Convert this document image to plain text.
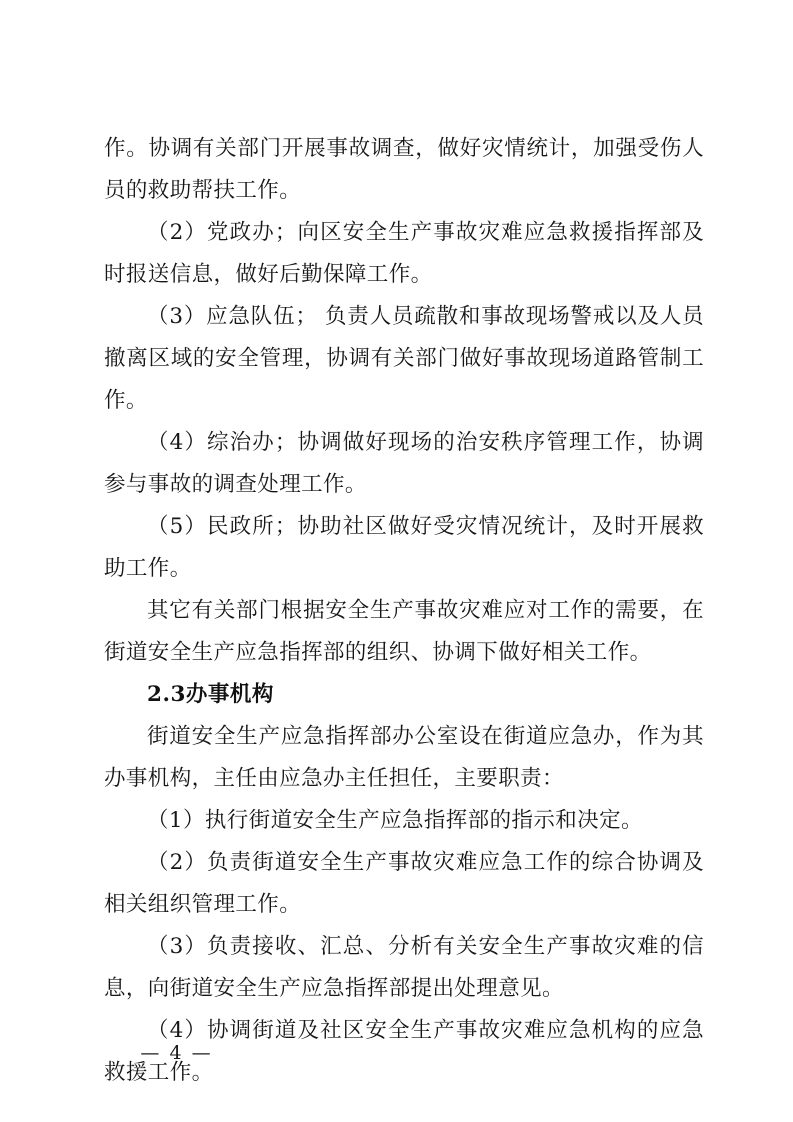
作。协调有关部门开展事故调查，做好灾情统计，加强受伤人员的救助帮扶工作。

（2）党政办；向区安全生产事故灾难应急救援指挥部及时报送信息，做好后勤保障工作。

（3）应急队伍； 负责人员疏散和事故现场警戒以及人员撤离区域的安全管理，协调有关部门做好事故现场道路管制工作。

（4）综治办；协调做好现场的治安秩序管理工作，协调参与事故的调查处理工作。

（5）民政所；协助社区做好受灾情况统计，及时开展救助工作。

其它有关部门根据安全生产事故灾难应对工作的需要，在街道安全生产应急指挥部的组织、协调下做好相关工作。

2.3办事机构

街道安全生产应急指挥部办公室设在街道应急办，作为其办事机构，主任由应急办主任担任，主要职责：

（1）执行街道安全生产应急指挥部的指示和决定。

（2）负责街道安全生产事故灾难应急工作的综合协调及相关组织管理工作。

（3）负责接收、汇总、分析有关安全生产事故灾难的信息，向街道安全生产应急指挥部提出处理意见。

（4）协调街道及社区安全生产事故灾难应急机构的应急救援工作。

— 4 —
